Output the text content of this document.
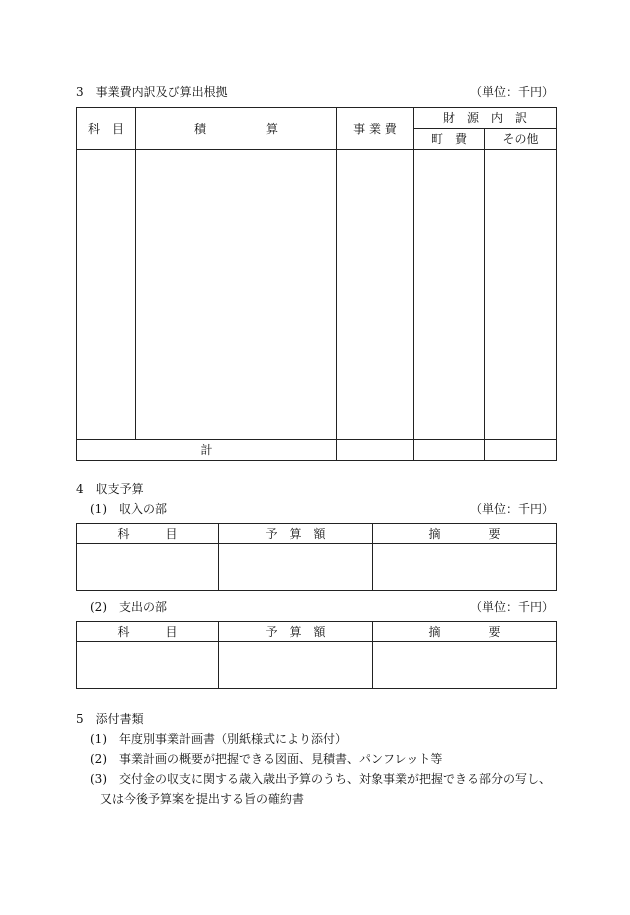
3　事業費内訳及び算出根拠	（単位：千円）
科　目	積　　　　　算	事 業 費	財　源　内　訳	
			町　費	その他

計				
4　収支予算
(1)　収入の部	（単位：千円）
科　　　目	予　算　額	摘　　　　要

(2)　支出の部	（単位：千円）
科　　　目	予　算　額	摘　　　　要

5　添付書類
(1)　年度別事業計画書（別紙様式により添付）
(2)　事業計画の概要が把握できる図面、見積書、パンフレット等
(3)　交付金の収支に関する歳入歳出予算のうち、対象事業が把握できる部分の写し、
又は今後予算案を提出する旨の確約書
